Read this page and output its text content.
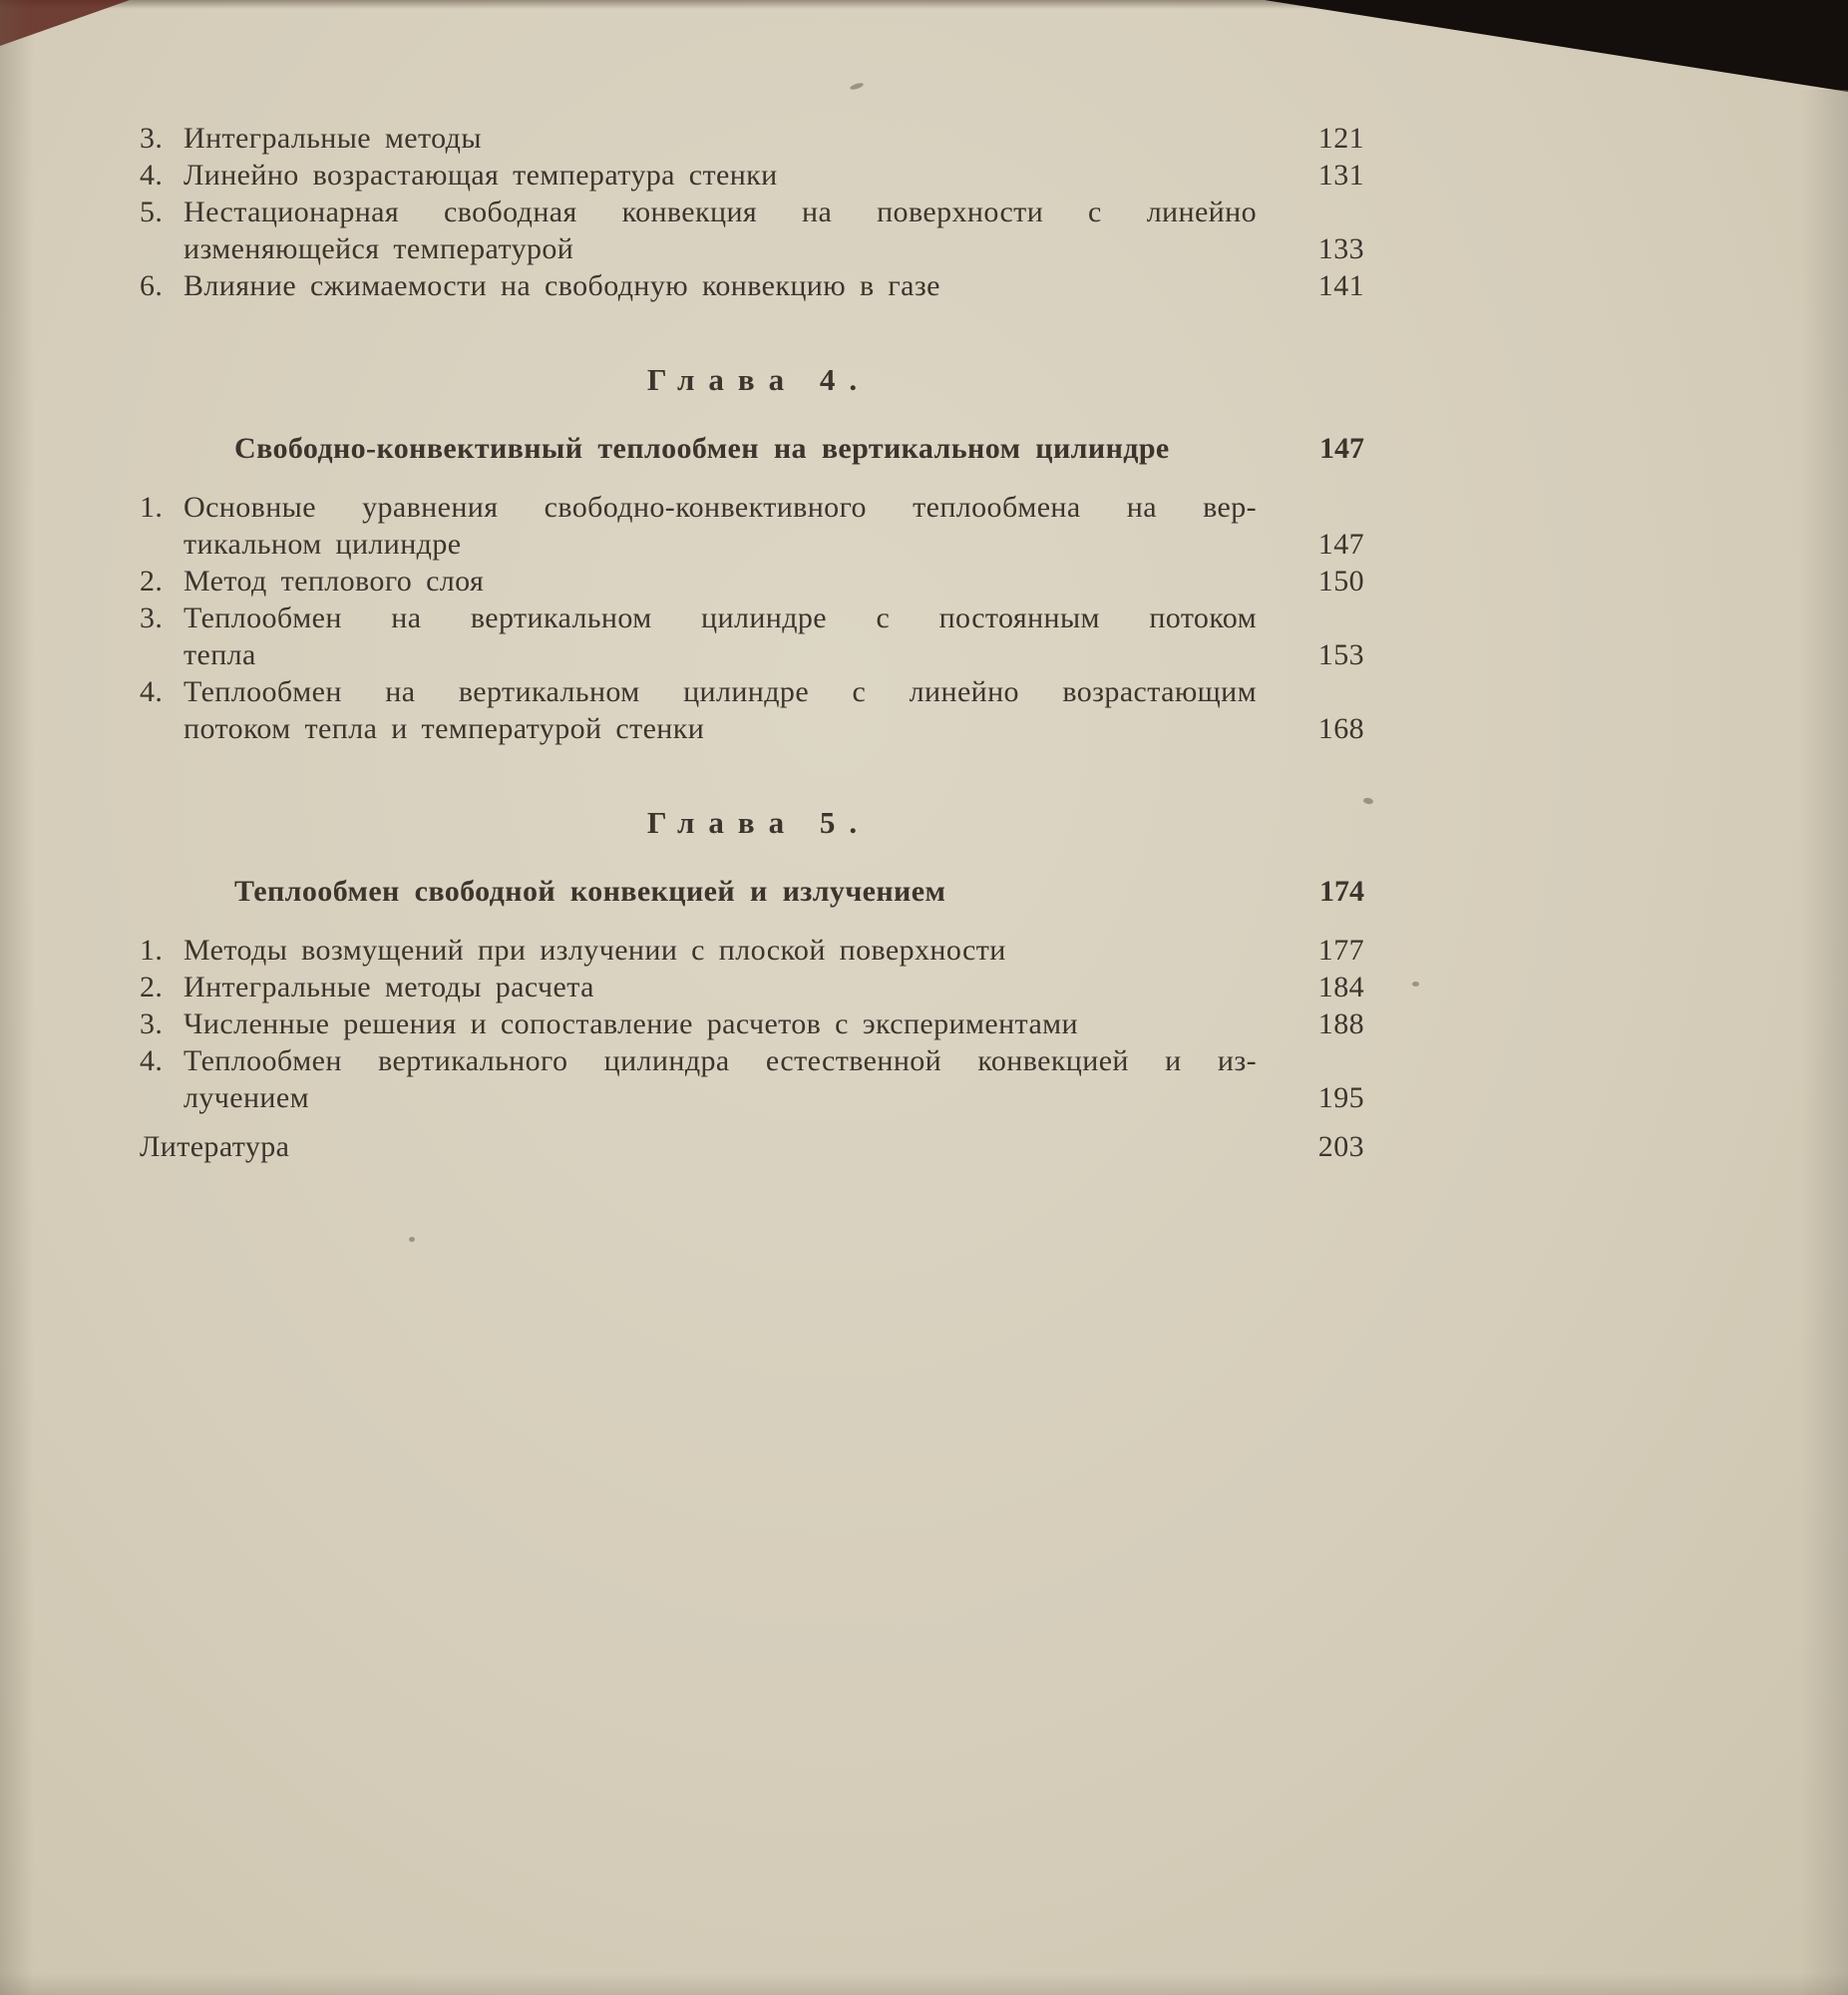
3. Интегральные методы	121
4. Линейно возрастающая температура стенки	131
5. Нестационарная свободная конвекция на поверхности с линейно
изменяющейся температурой	133
6. Влияние сжимаемости на свободную конвекцию в газе	141
Глава 4.
Свободно-конвективный теплообмен на вертикальном цилиндре	147
1. Основные уравнения свободно-конвективного теплообмена на вер-
тикальном цилиндре	147
2. Метод теплового слоя	150
3. Теплообмен на вертикальном цилиндре с постоянным потоком
тепла	153
4. Теплообмен на вертикальном цилиндре с линейно возрастающим
потоком тепла и температурой стенки	168
Глава 5.
Теплообмен свободной конвекцией и излучением	174
1. Методы возмущений при излучении с плоской поверхности	177
2. Интегральные методы расчета	184
3. Численные решения и сопоставление расчетов с экспериментами	188
4. Теплообмен вертикального цилиндра естественной конвекцией и из-
лучением	195
Литература	203
